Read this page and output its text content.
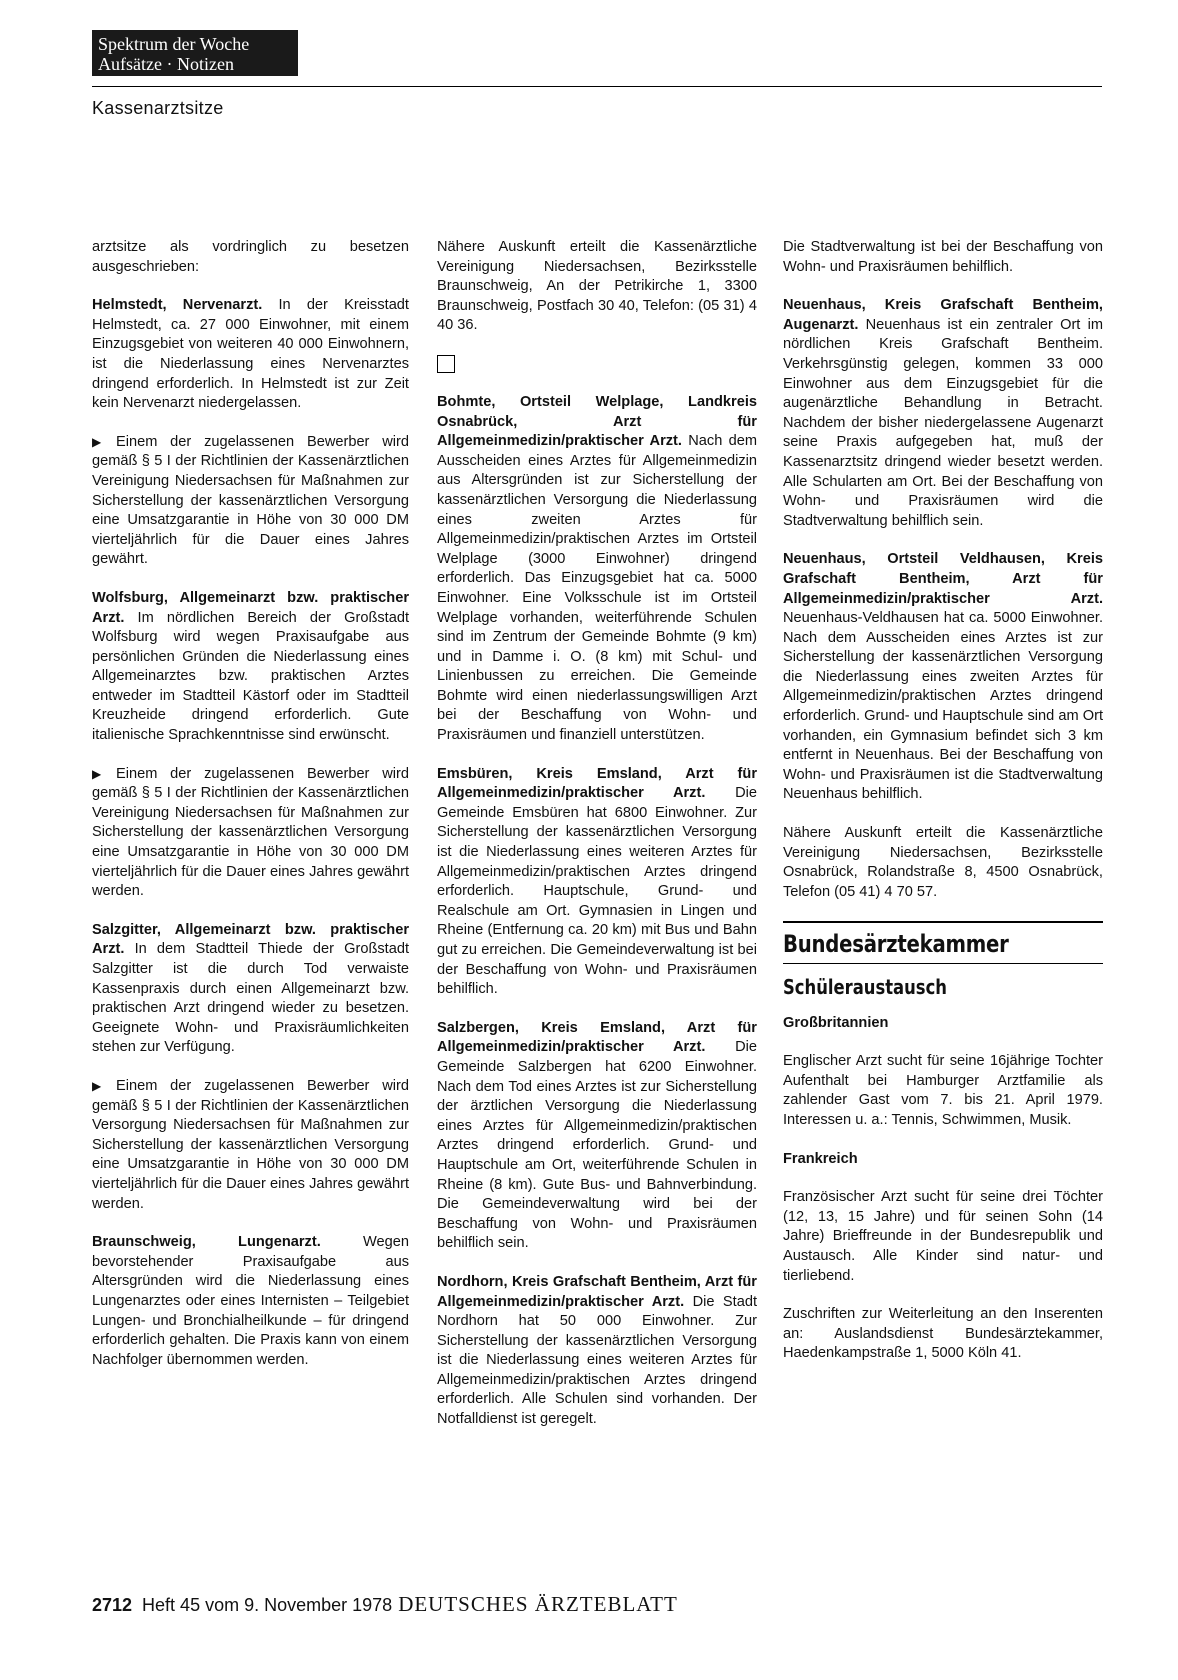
Spektrum der Woche
Aufsätze · Notizen
Kassenarztsitze

arztsitze als vordringlich zu besetzen ausgeschrieben:

Helmstedt, Nervenarzt. In der Kreisstadt Helmstedt, ca. 27 000 Einwohner, mit einem Einzugsgebiet von weiteren 40 000 Einwohnern, ist die Niederlassung eines Nervenarztes dringend erforderlich. In Helmstedt ist zur Zeit kein Nervenarzt niedergelassen.

▶ Einem der zugelassenen Bewerber wird gemäß § 5 I der Richtlinien der Kassenärztlichen Vereinigung Niedersachsen für Maßnahmen zur Sicherstellung der kassenärztlichen Versorgung eine Umsatzgarantie in Höhe von 30 000 DM vierteljährlich für die Dauer eines Jahres gewährt.

Wolfsburg, Allgemeinarzt bzw. praktischer Arzt. Im nördlichen Bereich der Großstadt Wolfsburg wird wegen Praxisaufgabe aus persönlichen Gründen die Niederlassung eines Allgemeinarztes bzw. praktischen Arztes entweder im Stadtteil Kästorf oder im Stadtteil Kreuzheide dringend erforderlich. Gute italienische Sprachkenntnisse sind erwünscht.

▶ Einem der zugelassenen Bewerber wird gemäß § 5 I der Richtlinien der Kassenärztlichen Vereinigung Niedersachsen für Maßnahmen zur Sicherstellung der kassenärztlichen Versorgung eine Umsatzgarantie in Höhe von 30 000 DM vierteljährlich für die Dauer eines Jahres gewährt werden.

Salzgitter, Allgemeinarzt bzw. praktischer Arzt. In dem Stadtteil Thiede der Großstadt Salzgitter ist die durch Tod verwaiste Kassenpraxis durch einen Allgemeinarzt bzw. praktischen Arzt dringend wieder zu besetzen. Geeignete Wohn- und Praxisräumlichkeiten stehen zur Verfügung.

▶ Einem der zugelassenen Bewerber wird gemäß § 5 I der Richtlinien der Kassenärztlichen Versorgung Niedersachsen für Maßnahmen zur Sicherstellung der kassenärztlichen Versorgung eine Umsatzgarantie in Höhe von 30 000 DM vierteljährlich für die Dauer eines Jahres gewährt werden.

Braunschweig, Lungenarzt. Wegen bevorstehender Praxisaufgabe aus Altersgründen wird die Niederlassung eines Lungenarztes oder eines Internisten – Teilgebiet Lungen- und Bronchialheilkunde – für dringend erforderlich gehalten. Die Praxis kann von einem Nachfolger übernommen werden.

Nähere Auskunft erteilt die Kassenärztliche Vereinigung Niedersachsen, Bezirksstelle Braunschweig, An der Petrikirche 1, 3300 Braunschweig, Postfach 30 40, Telefon: (05 31) 4 40 36.

Bohmte, Ortsteil Welplage, Landkreis Osnabrück, Arzt für Allgemeinmedizin/praktischer Arzt. Nach dem Ausscheiden eines Arztes für Allgemeinmedizin aus Altersgründen ist zur Sicherstellung der kassenärztlichen Versorgung die Niederlassung eines zweiten Arztes für Allgemeinmedizin/praktischen Arztes im Ortsteil Welplage (3000 Einwohner) dringend erforderlich. Das Einzugsgebiet hat ca. 5000 Einwohner. Eine Volksschule ist im Ortsteil Welplage vorhanden, weiterführende Schulen sind im Zentrum der Gemeinde Bohmte (9 km) und in Damme i. O. (8 km) mit Schul- und Linienbussen zu erreichen. Die Gemeinde Bohmte wird einen niederlassungswilligen Arzt bei der Beschaffung von Wohn- und Praxisräumen und finanziell unterstützen.

Emsbüren, Kreis Emsland, Arzt für Allgemeinmedizin/praktischer Arzt. Die Gemeinde Emsbüren hat 6800 Einwohner. Zur Sicherstellung der kassenärztlichen Versorgung ist die Niederlassung eines weiteren Arztes für Allgemeinmedizin/praktischen Arztes dringend erforderlich. Hauptschule, Grund- und Realschule am Ort. Gymnasien in Lingen und Rheine (Entfernung ca. 20 km) mit Bus und Bahn gut zu erreichen. Die Gemeindeverwaltung ist bei der Beschaffung von Wohn- und Praxisräumen behilflich.

Salzbergen, Kreis Emsland, Arzt für Allgemeinmedizin/praktischer Arzt. Die Gemeinde Salzbergen hat 6200 Einwohner. Nach dem Tod eines Arztes ist zur Sicherstellung der ärztlichen Versorgung die Niederlassung eines Arztes für Allgemeinmedizin/praktischen Arztes dringend erforderlich. Grund- und Hauptschule am Ort, weiterführende Schulen in Rheine (8 km). Gute Bus- und Bahnverbindung. Die Gemeindeverwaltung wird bei der Beschaffung von Wohn- und Praxisräumen behilflich sein.

Nordhorn, Kreis Grafschaft Bentheim, Arzt für Allgemeinmedizin/praktischer Arzt. Die Stadt Nordhorn hat 50 000 Einwohner. Zur Sicherstellung der kassenärztlichen Versorgung ist die Niederlassung eines weiteren Arztes für Allgemeinmedizin/praktischen Arztes dringend erforderlich. Alle Schulen sind vorhanden. Der Notfalldienst ist geregelt.

Die Stadtverwaltung ist bei der Beschaffung von Wohn- und Praxisräumen behilflich.

Neuenhaus, Kreis Grafschaft Bentheim, Augenarzt. Neuenhaus ist ein zentraler Ort im nördlichen Kreis Grafschaft Bentheim. Verkehrsgünstig gelegen, kommen 33 000 Einwohner aus dem Einzugsgebiet für die augenärztliche Behandlung in Betracht. Nachdem der bisher niedergelassene Augenarzt seine Praxis aufgegeben hat, muß der Kassenarztsitz dringend wieder besetzt werden. Alle Schularten am Ort. Bei der Beschaffung von Wohn- und Praxisräumen wird die Stadtverwaltung behilflich sein.

Neuenhaus, Ortsteil Veldhausen, Kreis Grafschaft Bentheim, Arzt für Allgemeinmedizin/praktischer Arzt. Neuenhaus-Veldhausen hat ca. 5000 Einwohner. Nach dem Ausscheiden eines Arztes ist zur Sicherstellung der kassenärztlichen Versorgung die Niederlassung eines zweiten Arztes für Allgemeinmedizin/praktischen Arztes dringend erforderlich. Grund- und Hauptschule sind am Ort vorhanden, ein Gymnasium befindet sich 3 km entfernt in Neuenhaus. Bei der Beschaffung von Wohn- und Praxisräumen ist die Stadtverwaltung Neuenhaus behilflich.

Nähere Auskunft erteilt die Kassenärztliche Vereinigung Niedersachsen, Bezirksstelle Osnabrück, Rolandstraße 8, 4500 Osnabrück, Telefon (05 41) 4 70 57.

Bundesärztekammer
Schüleraustausch

Großbritannien

Englischer Arzt sucht für seine 16jährige Tochter Aufenthalt bei Hamburger Arztfamilie als zahlender Gast vom 7. bis 21. April 1979. Interessen u. a.: Tennis, Schwimmen, Musik.

Frankreich

Französischer Arzt sucht für seine drei Töchter (12, 13, 15 Jahre) und für seinen Sohn (14 Jahre) Brieffreunde in der Bundesrepublik und Austausch. Alle Kinder sind natur- und tierliebend.

Zuschriften zur Weiterleitung an den Inserenten an: Auslandsdienst Bundesärztekammer, Haedenkampstraße 1, 5000 Köln 41.

2712 Heft 45 vom 9. November 1978 DEUTSCHES ÄRZTEBLATT
